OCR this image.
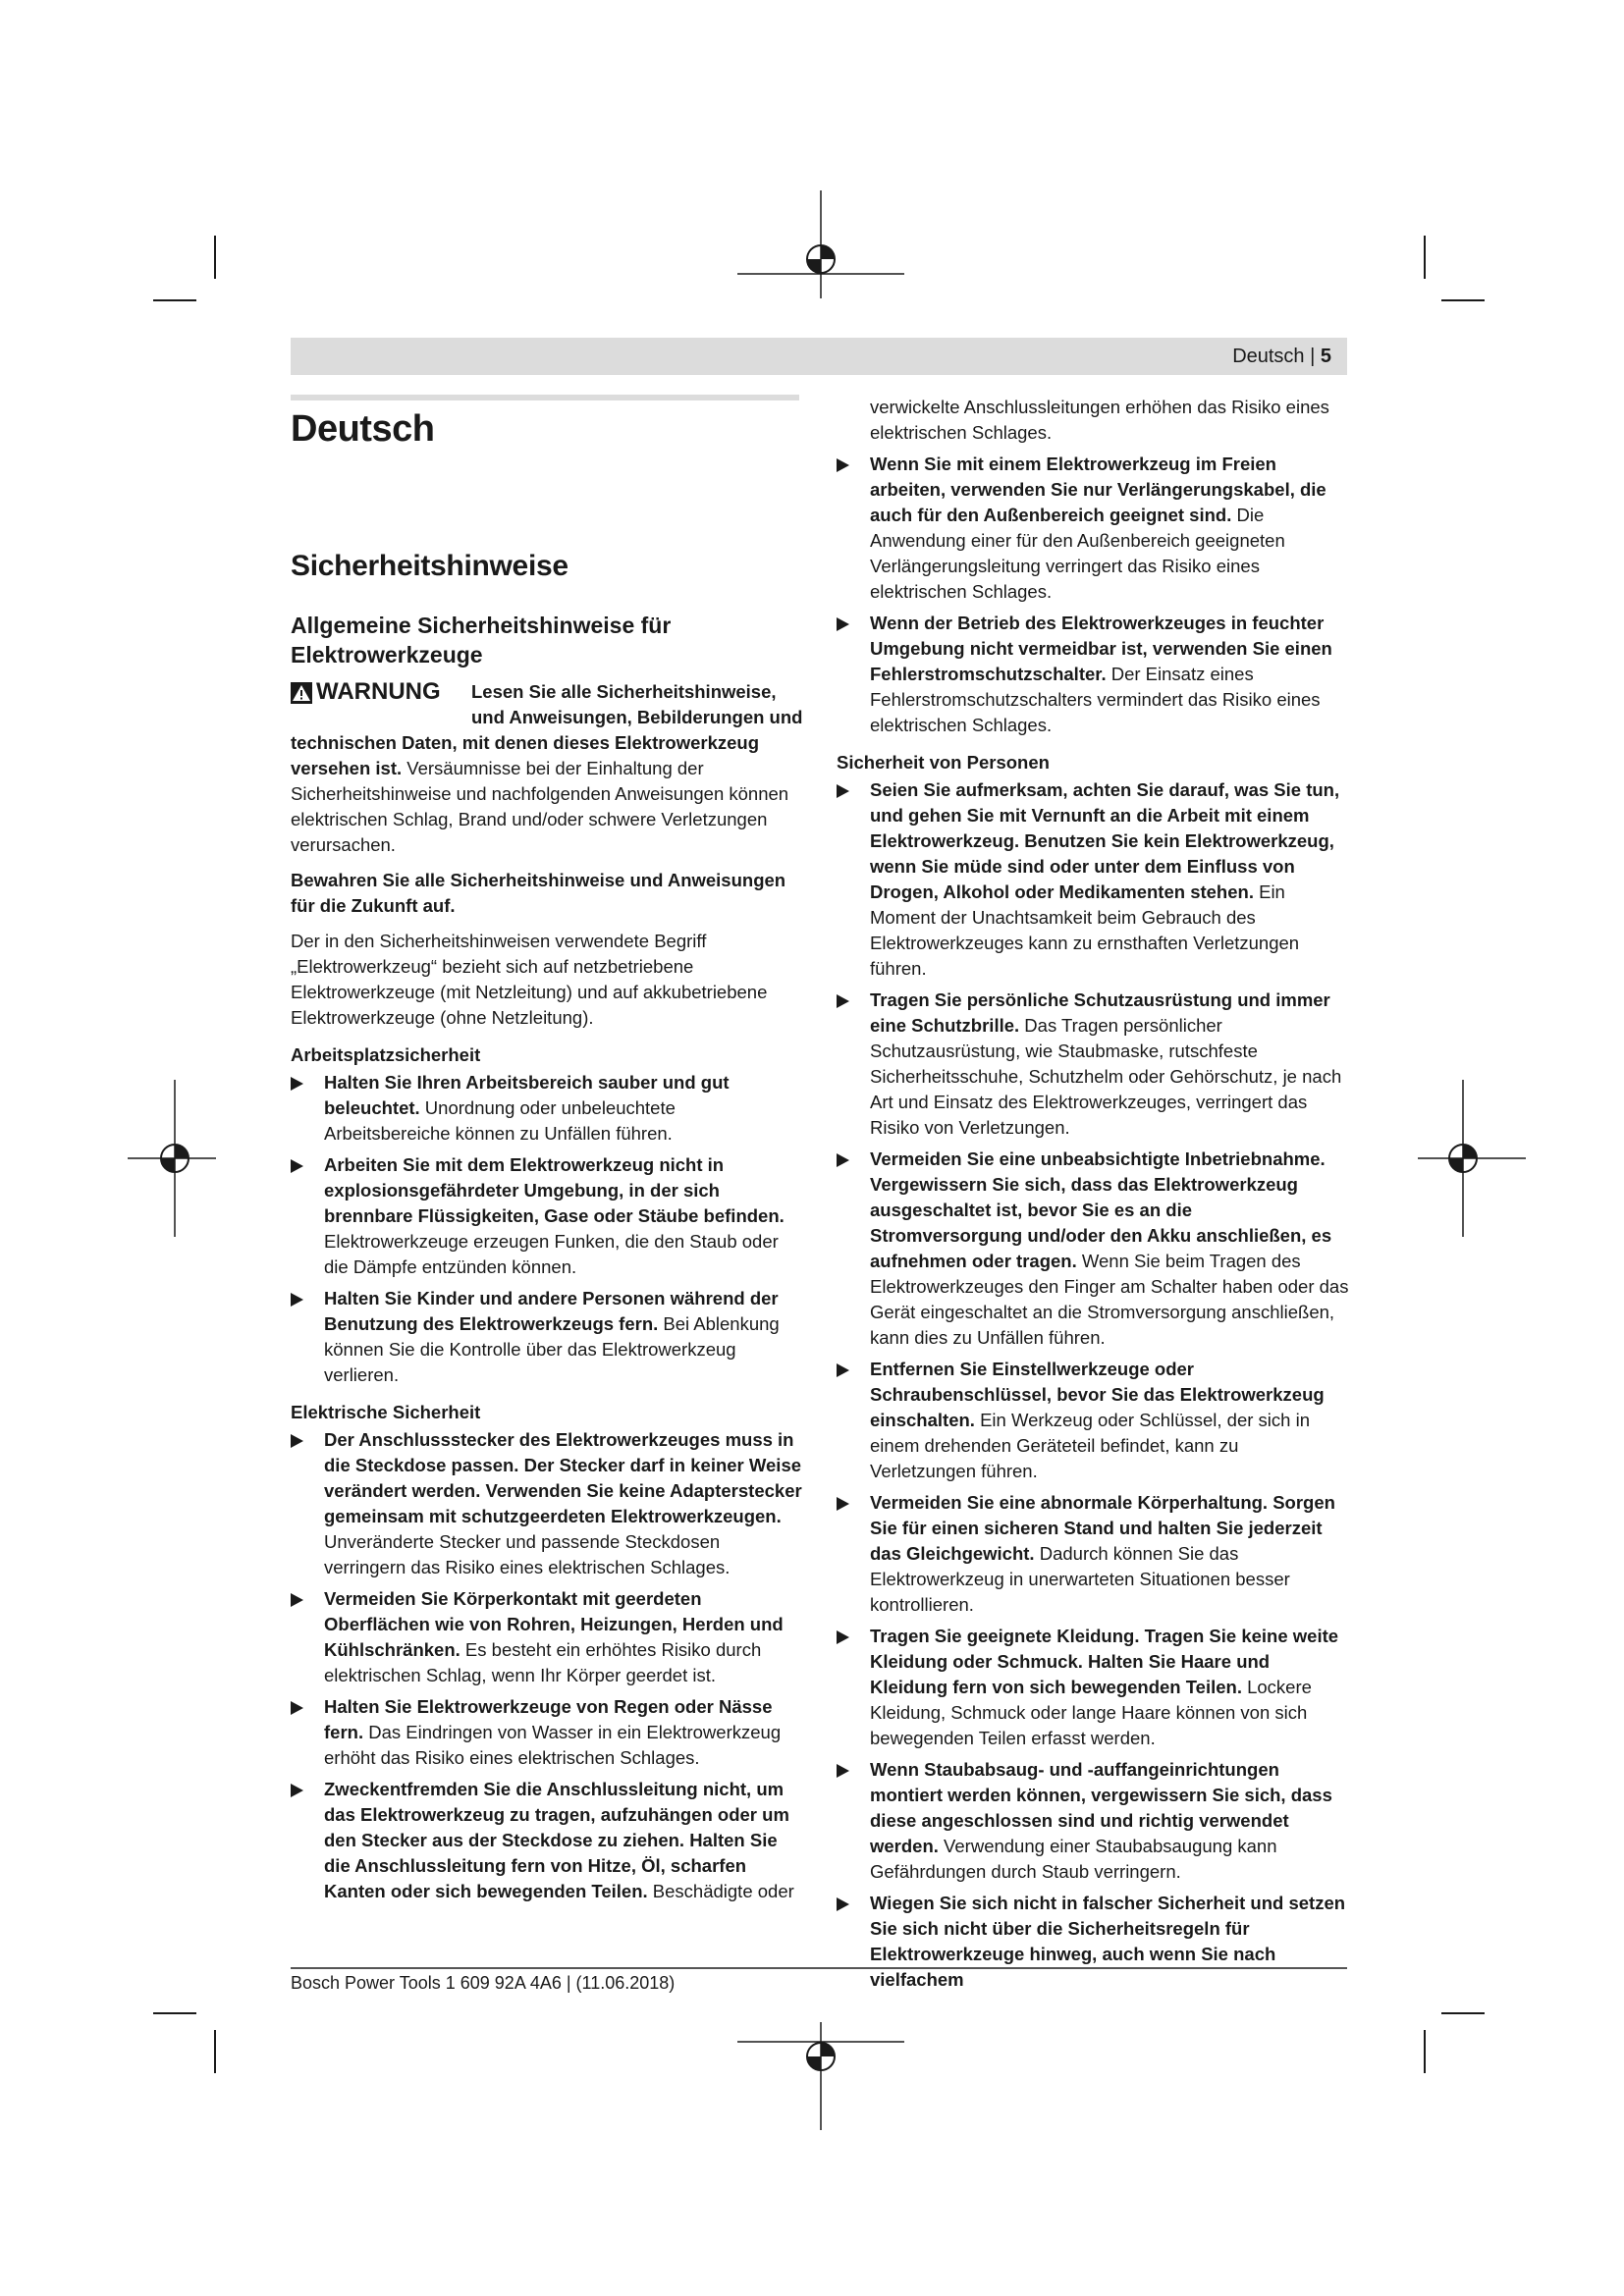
Deutsch | 5
Deutsch
Sicherheitshinweise
Allgemeine Sicherheitshinweise für Elektrowerkzeuge
WARNUNG	Lesen Sie alle Sicherheitshinweise, und Anweisungen, Bebilderungen und technischen Daten, mit denen dieses Elektrowerkzeug versehen ist. Versäumnisse bei der Einhaltung der Sicherheitshinweise und nachfolgenden Anweisungen können elektrischen Schlag, Brand und/oder schwere Verletzungen verursachen.

Bewahren Sie alle Sicherheitshinweise und Anweisungen für die Zukunft auf.

Der in den Sicherheitshinweisen verwendete Begriff „Elektrowerkzeug“ bezieht sich auf netzbetriebene Elektrowerkzeuge (mit Netzleitung) und auf akkubetriebene Elektrowerkzeuge (ohne Netzleitung).

Arbeitsplatzsicherheit

Halten Sie Ihren Arbeitsbereich sauber und gut beleuchtet. Unordnung oder unbeleuchtete Arbeitsbereiche können zu Unfällen führen.

Arbeiten Sie mit dem Elektrowerkzeug nicht in explosionsgefährdeter Umgebung, in der sich brennbare Flüssigkeiten, Gase oder Stäube befinden. Elektrowerkzeuge erzeugen Funken, die den Staub oder die Dämpfe entzünden können.

Halten Sie Kinder und andere Personen während der Benutzung des Elektrowerkzeugs fern. Bei Ablenkung können Sie die Kontrolle über das Elektrowerkzeug verlieren.

Elektrische Sicherheit

Der Anschlussstecker des Elektrowerkzeuges muss in die Steckdose passen. Der Stecker darf in keiner Weise verändert werden. Verwenden Sie keine Adapterstecker gemeinsam mit schutzgeerdeten Elektrowerkzeugen. Unveränderte Stecker und passende Steckdosen verringern das Risiko eines elektrischen Schlages.

Vermeiden Sie Körperkontakt mit geerdeten Oberflächen wie von Rohren, Heizungen, Herden und Kühlschränken. Es besteht ein erhöhtes Risiko durch elektrischen Schlag, wenn Ihr Körper geerdet ist.

Halten Sie Elektrowerkzeuge von Regen oder Nässe fern. Das Eindringen von Wasser in ein Elektrowerkzeug erhöht das Risiko eines elektrischen Schlages.

Zweckentfremden Sie die Anschlussleitung nicht, um das Elektrowerkzeug zu tragen, aufzuhängen oder um den Stecker aus der Steckdose zu ziehen. Halten Sie die Anschlussleitung fern von Hitze, Öl, scharfen Kanten oder sich bewegenden Teilen. Beschädigte oder

verwickelte Anschlussleitungen erhöhen das Risiko eines elektrischen Schlages.

Wenn Sie mit einem Elektrowerkzeug im Freien arbeiten, verwenden Sie nur Verlängerungskabel, die auch für den Außenbereich geeignet sind. Die Anwendung einer für den Außenbereich geeigneten Verlängerungsleitung verringert das Risiko eines elektrischen Schlages.

Wenn der Betrieb des Elektrowerkzeuges in feuchter Umgebung nicht vermeidbar ist, verwenden Sie einen Fehlerstromschutzschalter. Der Einsatz eines Fehlerstromschutzschalters vermindert das Risiko eines elektrischen Schlages.

Sicherheit von Personen

Seien Sie aufmerksam, achten Sie darauf, was Sie tun, und gehen Sie mit Vernunft an die Arbeit mit einem Elektrowerkzeug. Benutzen Sie kein Elektrowerkzeug, wenn Sie müde sind oder unter dem Einfluss von Drogen, Alkohol oder Medikamenten stehen. Ein Moment der Unachtsamkeit beim Gebrauch des Elektrowerkzeuges kann zu ernsthaften Verletzungen führen.

Tragen Sie persönliche Schutzausrüstung und immer eine Schutzbrille. Das Tragen persönlicher Schutzausrüstung, wie Staubmaske, rutschfeste Sicherheitsschuhe, Schutzhelm oder Gehörschutz, je nach Art und Einsatz des Elektrowerkzeuges, verringert das Risiko von Verletzungen.

Vermeiden Sie eine unbeabsichtigte Inbetriebnahme. Vergewissern Sie sich, dass das Elektrowerkzeug ausgeschaltet ist, bevor Sie es an die Stromversorgung und/oder den Akku anschließen, es aufnehmen oder tragen. Wenn Sie beim Tragen des Elektrowerkzeuges den Finger am Schalter haben oder das Gerät eingeschaltet an die Stromversorgung anschließen, kann dies zu Unfällen führen.

Entfernen Sie Einstellwerkzeuge oder Schraubenschlüssel, bevor Sie das Elektrowerkzeug einschalten. Ein Werkzeug oder Schlüssel, der sich in einem drehenden Geräteteil befindet, kann zu Verletzungen führen.

Vermeiden Sie eine abnormale Körperhaltung. Sorgen Sie für einen sicheren Stand und halten Sie jederzeit das Gleichgewicht. Dadurch können Sie das Elektrowerkzeug in unerwarteten Situationen besser kontrollieren.

Tragen Sie geeignete Kleidung. Tragen Sie keine weite Kleidung oder Schmuck. Halten Sie Haare und Kleidung fern von sich bewegenden Teilen. Lockere Kleidung, Schmuck oder lange Haare können von sich bewegenden Teilen erfasst werden.

Wenn Staubabsaug- und -auffangeinrichtungen montiert werden können, vergewissern Sie sich, dass diese angeschlossen sind und richtig verwendet werden. Verwendung einer Staubabsaugung kann Gefährdungen durch Staub verringern.

Wiegen Sie sich nicht in falscher Sicherheit und setzen Sie sich nicht über die Sicherheitsregeln für Elektrowerkzeuge hinweg, auch wenn Sie nach vielfachem

Bosch Power Tools 1 609 92A 4A6 | (11.06.2018)
